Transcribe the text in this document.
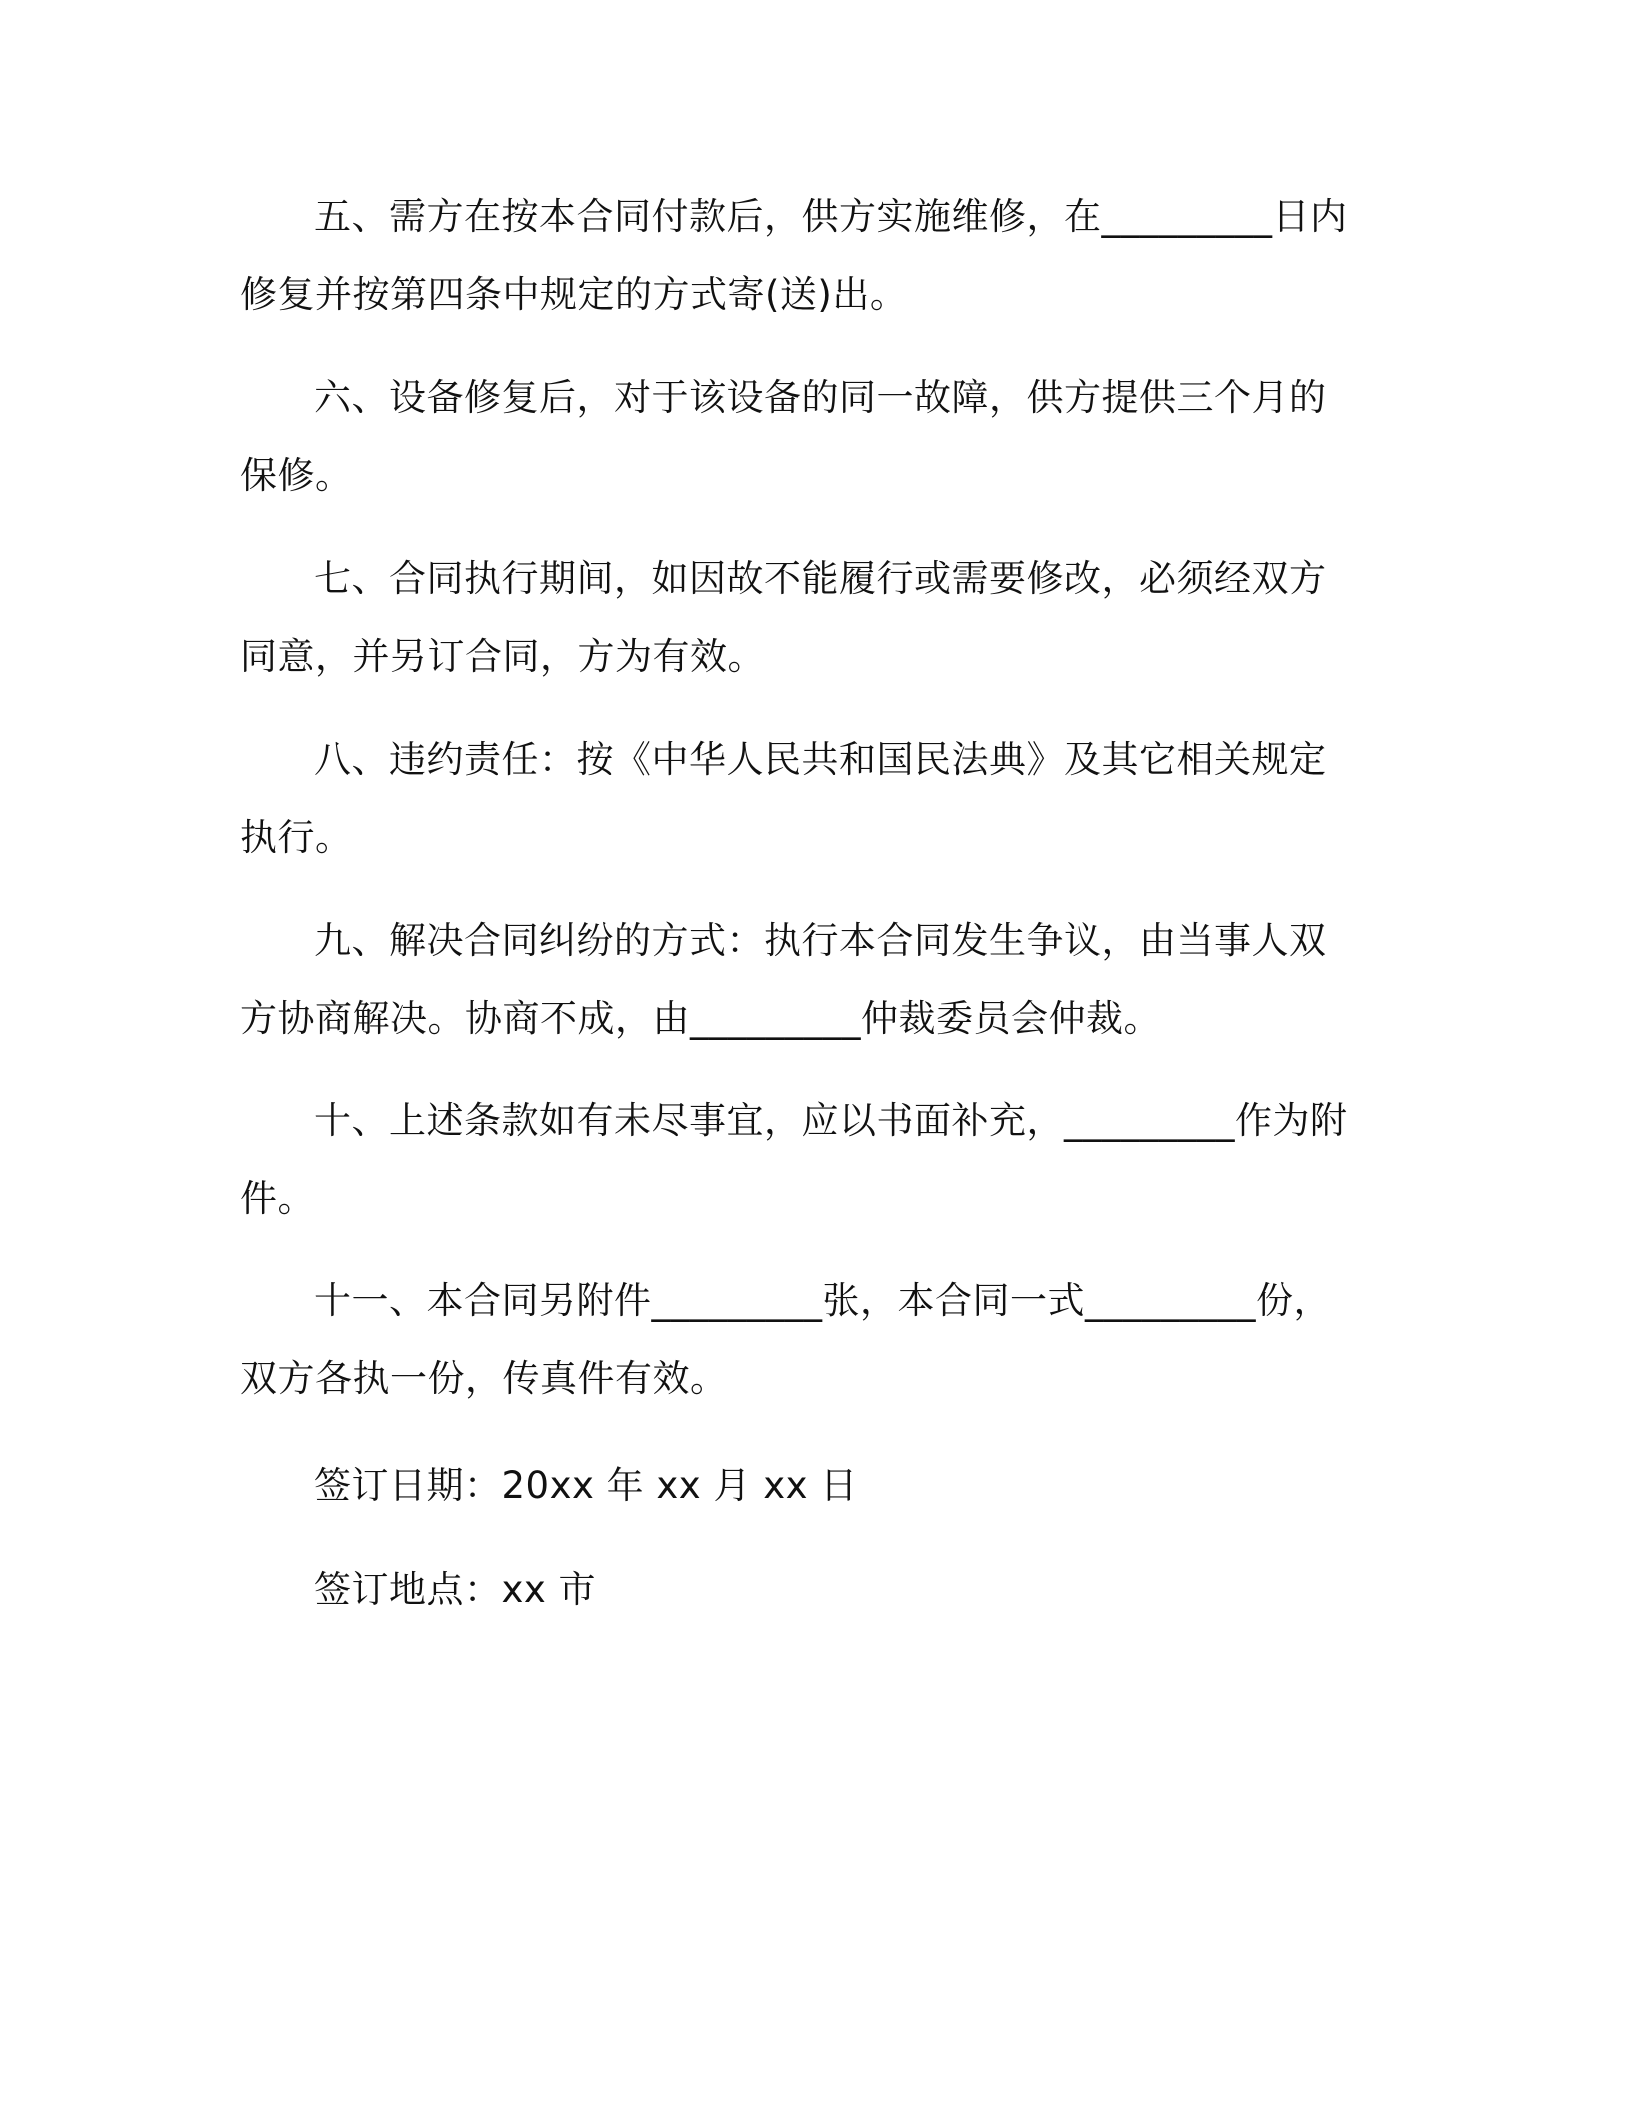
五、需方在按本合同付款后，供方实施维修，在_________日内修复并按第四条中规定的方式寄(送)出。

六、设备修复后，对于该设备的同一故障，供方提供三个月的保修。

七、合同执行期间，如因故不能履行或需要修改，必须经双方同意，并另订合同，方为有效。

八、违约责任：按《中华人民共和国民法典》及其它相关规定执行。

九、解决合同纠纷的方式：执行本合同发生争议，由当事人双方协商解决。协商不成，由_________仲裁委员会仲裁。

十、上述条款如有未尽事宜，应以书面补充，_________作为附件。

十一、本合同另附件_________张，本合同一式_________份，双方各执一份，传真件有效。

签订日期：20xx 年 xx 月 xx 日

签订地点：xx 市
